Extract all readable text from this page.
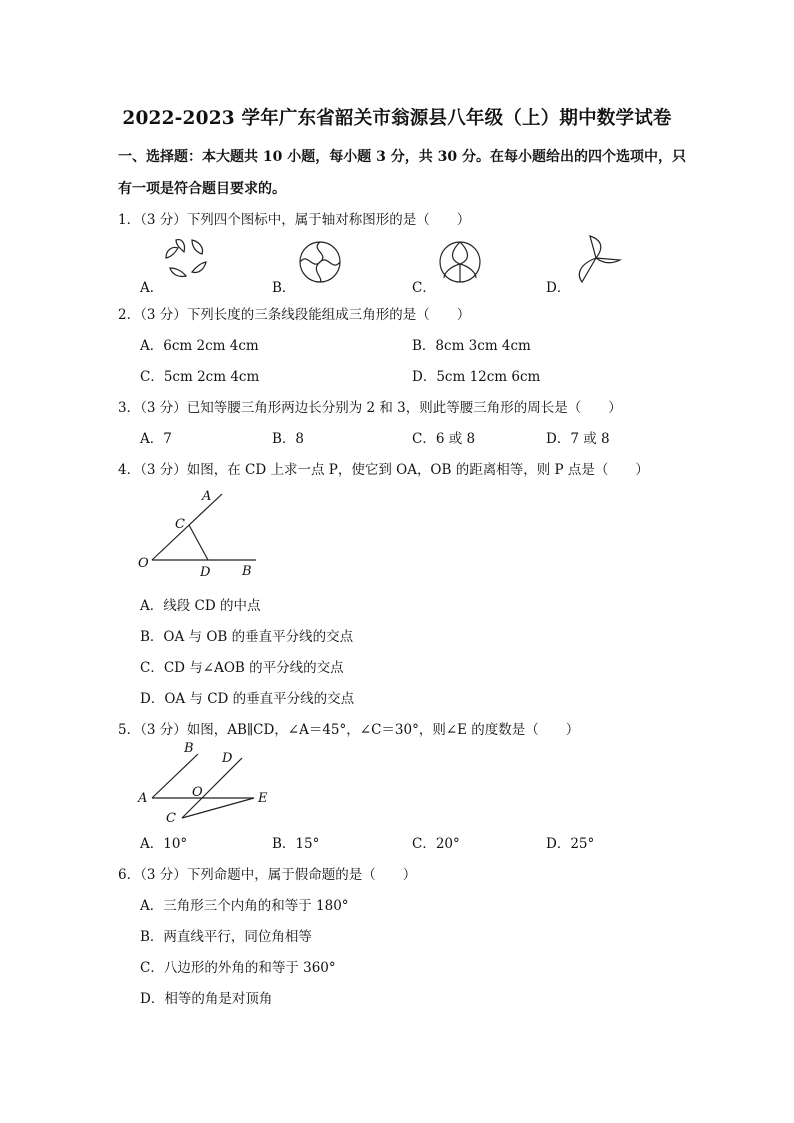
2022-2023 学年广东省韶关市翁源县八年级（上）期中数学试卷
一、选择题：本大题共 10 小题，每小题 3 分，共 30 分。在每小题给出的四个选项中，只
有一项是符合题目要求的。
1．（3 分）下列四个图标中，属于轴对称图形的是（　　）
A．	B．	C．	D．
2．（3 分）下列长度的三条线段能组成三角形的是（　　）
A．6cm 2cm 4cm	B．8cm 3cm 4cm
C．5cm 2cm 4cm	D．5cm 12cm 6cm
3．（3 分）已知等腰三角形两边长分别为 2 和 3，则此等腰三角形的周长是（　　）
A．7	B．8	C．6 或 8	D．7 或 8
4．（3 分）如图，在 CD 上求一点 P，使它到 OA，OB 的距离相等，则 P 点是（　　）
A
C
O
D B
A．线段 CD 的中点
B．OA 与 OB 的垂直平分线的交点
C．CD 与∠AOB 的平分线的交点
D．OA 与 CD 的垂直平分线的交点
5．（3 分）如图，AB∥CD，∠A＝45°，∠C＝30°，则∠E 的度数是（　　）
B
D
A	O	E
C
A．10°	B．15°	C．20°	D．25°
6．（3 分）下列命题中，属于假命题的是（　　）
A．三角形三个内角的和等于 180°
B．两直线平行，同位角相等
C．八边形的外角的和等于 360°
D．相等的角是对顶角
